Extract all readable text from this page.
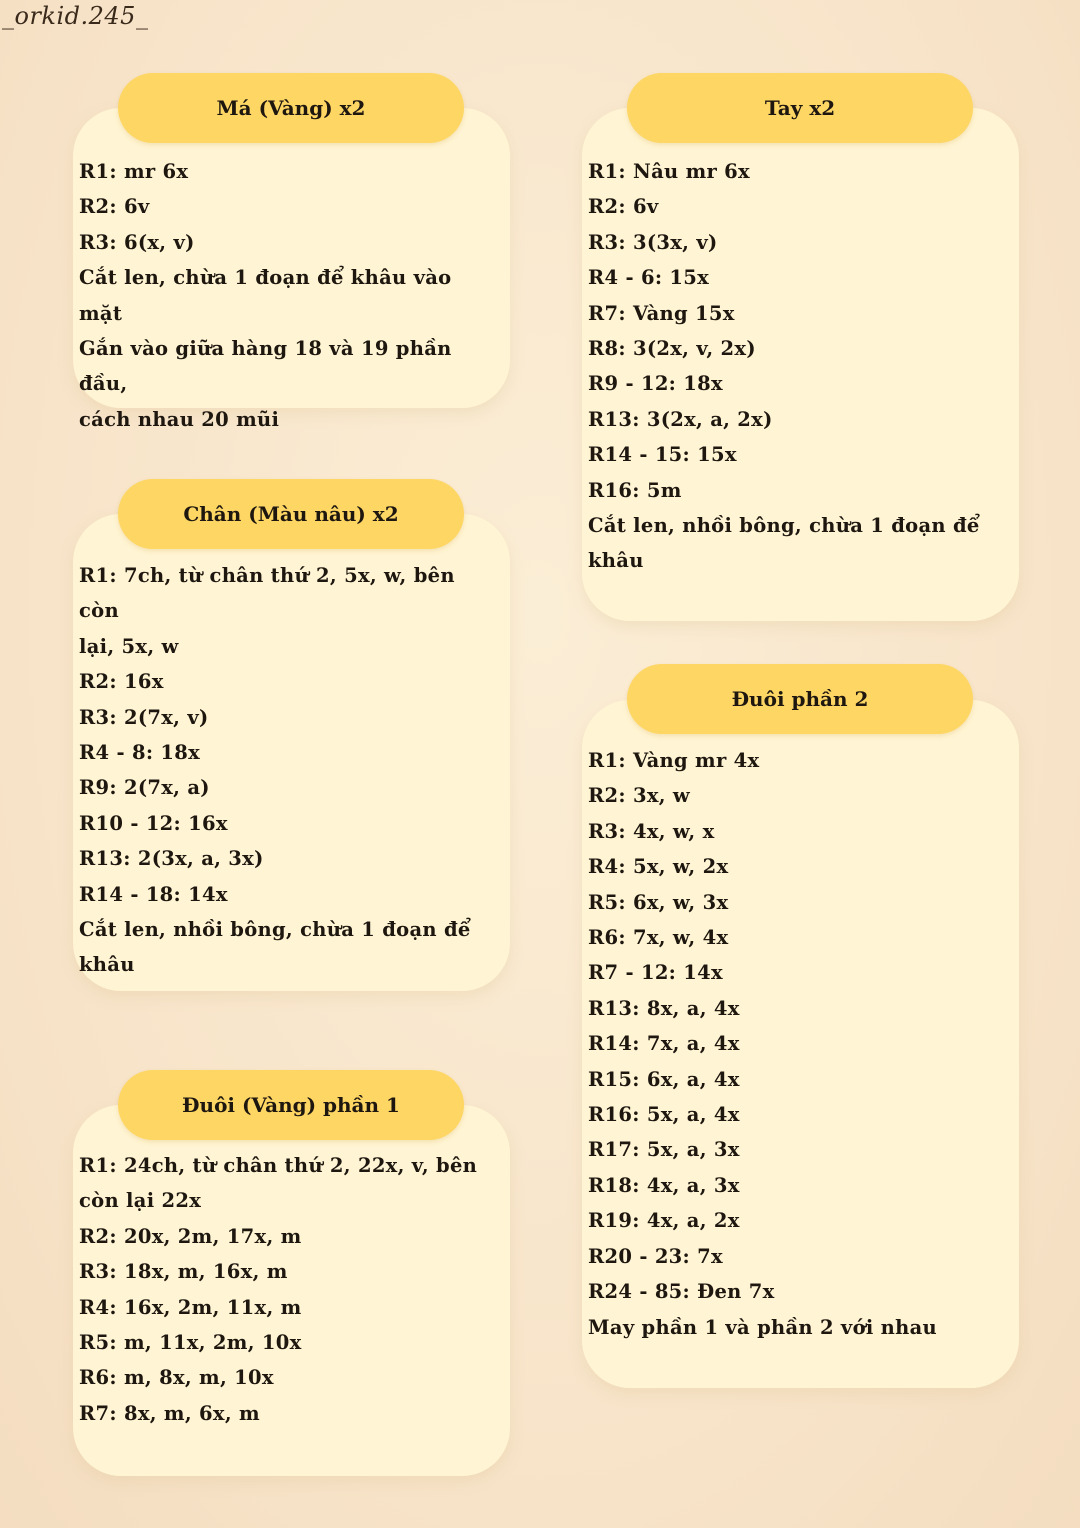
_orkid.245_
R1: mr 6x
R2: 6v
R3: 6(x, v)
Cắt len, chừa 1 đoạn để khâu vào mặt
Gắn vào giữa hàng 18 và 19 phần đầu,
cách nhau 20 mũi
Má (Vàng) x2
R1: Nâu mr 6x
R2: 6v
R3: 3(3x, v)
R4 - 6: 15x
R7: Vàng 15x
R8: 3(2x, v, 2x)
R9 - 12: 18x
R13: 3(2x, a, 2x)
R14 - 15: 15x
R16: 5m
Cắt len, nhồi bông, chừa 1 đoạn để
khâu
Tay x2
R1: 7ch, từ chân thứ 2, 5x, w, bên còn
lại, 5x, w
R2: 16x
R3: 2(7x, v)
R4 - 8: 18x
R9: 2(7x, a)
R10 - 12: 16x
R13: 2(3x, a, 3x)
R14 - 18: 14x
Cắt len, nhồi bông, chừa 1 đoạn để
khâu
Chân (Màu nâu) x2
R1: Vàng mr 4x
R2: 3x, w
R3: 4x, w, x
R4: 5x, w, 2x
R5: 6x, w, 3x
R6: 7x, w, 4x
R7 - 12: 14x
R13: 8x, a, 4x
R14: 7x, a, 4x
R15: 6x, a, 4x
R16: 5x, a, 4x
R17: 5x, a, 3x
R18: 4x, a, 3x
R19: 4x, a, 2x
R20 - 23: 7x
R24 - 85: Đen 7x
May phần 1 và phần 2 với nhau
Đuôi phần 2
R1: 24ch, từ chân thứ 2, 22x, v, bên
còn lại 22x
R2: 20x, 2m, 17x, m
R3: 18x, m, 16x, m
R4: 16x, 2m, 11x, m
R5: m, 11x, 2m, 10x
R6: m, 8x, m, 10x
R7: 8x, m, 6x, m
Đuôi (Vàng) phần 1
